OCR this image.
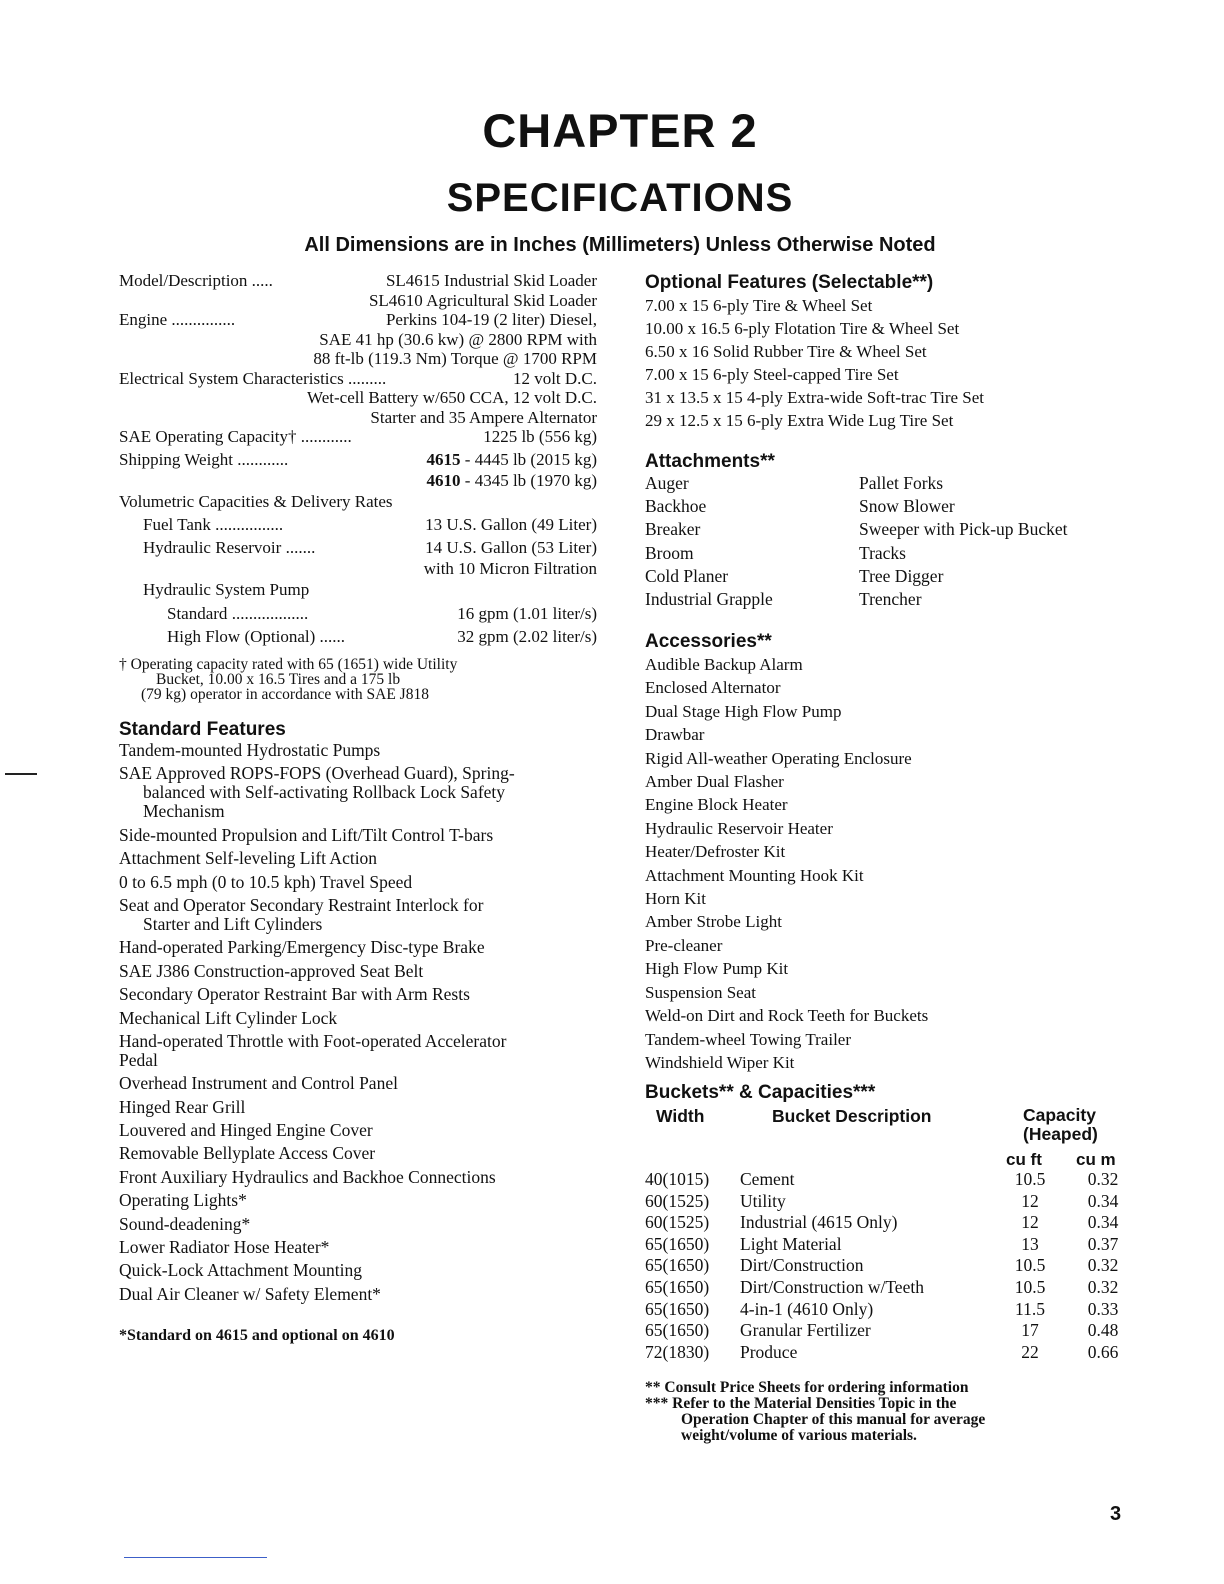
CHAPTER 2
SPECIFICATIONS
All Dimensions are in Inches (Millimeters) Unless Otherwise Noted
Model/Description .....	SL4615 Industrial Skid Loader
SL4610 Agricultural Skid Loader
Engine ...............	Perkins 104-19 (2 liter) Diesel,
SAE 41 hp (30.6 kw) @ 2800 RPM with
88 ft-lb (119.3 Nm) Torque @ 1700 RPM
Electrical System Characteristics .........	12 volt D.C.
Wet-cell Battery w/650 CCA, 12 volt D.C.
Starter and 35 Ampere Alternator
SAE Operating Capacity† ............	1225 lb (556 kg)
Shipping Weight ............	4615 - 4445 lb (2015 kg)
4610 - 4345 lb (1970 kg)
Volumetric Capacities & Delivery Rates
Fuel Tank ................	13 U.S. Gallon (49 Liter)
Hydraulic Reservoir .......	14 U.S. Gallon (53 Liter)
with 10 Micron Filtration
Hydraulic System Pump
Standard ..................	16 gpm (1.01 liter/s)
High Flow (Optional) ......	32 gpm (2.02 liter/s)
† Operating capacity rated with 65 (1651) wide Utility
Bucket, 10.00 x 16.5 Tires and a 175 lb
(79 kg) operator in accordance with SAE J818
Standard Features
Tandem-mounted Hydrostatic Pumps
SAE Approved ROPS-FOPS (Overhead Guard), Spring-
balanced with Self-activating Rollback Lock Safety
Mechanism
Side-mounted Propulsion and Lift/Tilt Control T-bars
Attachment Self-leveling Lift Action
0 to 6.5 mph (0 to 10.5 kph) Travel Speed
Seat and Operator Secondary Restraint Interlock for
Starter and Lift Cylinders
Hand-operated Parking/Emergency Disc-type Brake
SAE J386 Construction-approved Seat Belt
Secondary Operator Restraint Bar with Arm Rests
Mechanical Lift Cylinder Lock
Hand-operated Throttle with Foot-operated Accelerator
Pedal
Overhead Instrument and Control Panel
Hinged Rear Grill
Louvered and Hinged Engine Cover
Removable Bellyplate Access Cover
Front Auxiliary Hydraulics and Backhoe Connections
Operating Lights*
Sound-deadening*
Lower Radiator Hose Heater*
Quick-Lock Attachment Mounting
Dual Air Cleaner w/ Safety Element*
*Standard on 4615 and optional on 4610
Optional Features (Selectable**)
7.00 x 15 6-ply Tire & Wheel Set
10.00 x 16.5 6-ply Flotation Tire & Wheel Set
6.50 x 16 Solid Rubber Tire & Wheel Set
7.00 x 15 6-ply Steel-capped Tire Set
31 x 13.5 x 15 4-ply Extra-wide Soft-trac Tire Set
29 x 12.5 x 15 6-ply Extra Wide Lug Tire Set
Attachments**
Auger	Pallet Forks
Backhoe	Snow Blower
Breaker	Sweeper with Pick-up Bucket
Broom	Tracks
Cold Planer	Tree Digger
Industrial Grapple	Trencher
Accessories**
Audible Backup Alarm
Enclosed Alternator
Dual Stage High Flow Pump
Drawbar
Rigid All-weather Operating Enclosure
Amber Dual Flasher
Engine Block Heater
Hydraulic Reservoir Heater
Heater/Defroster Kit
Attachment Mounting Hook Kit
Horn Kit
Amber Strobe Light
Pre-cleaner
High Flow Pump Kit
Suspension Seat
Weld-on Dirt and Rock Teeth for Buckets
Tandem-wheel Towing Trailer
Windshield Wiper Kit
Buckets** & Capacities***
Width	Bucket Description	Capacity
(Heaped)
cu ft cu m
40(1015) Cement	10.5	0.32
60(1525) Utility	12	0.34
60(1525) Industrial (4615 Only)	12	0.34
65(1650) Light Material	13	0.37
65(1650) Dirt/Construction	10.5	0.32
65(1650) Dirt/Construction w/Teeth	10.5	0.32
65(1650) 4-in-1 (4610 Only)	11.5	0.33
65(1650) Granular Fertilizer	17	0.48
72(1830) Produce	22	0.66
** Consult Price Sheets for ordering information
*** Refer to the Material Densities Topic in the
Operation Chapter of this manual for average
weight/volume of various materials.
3
